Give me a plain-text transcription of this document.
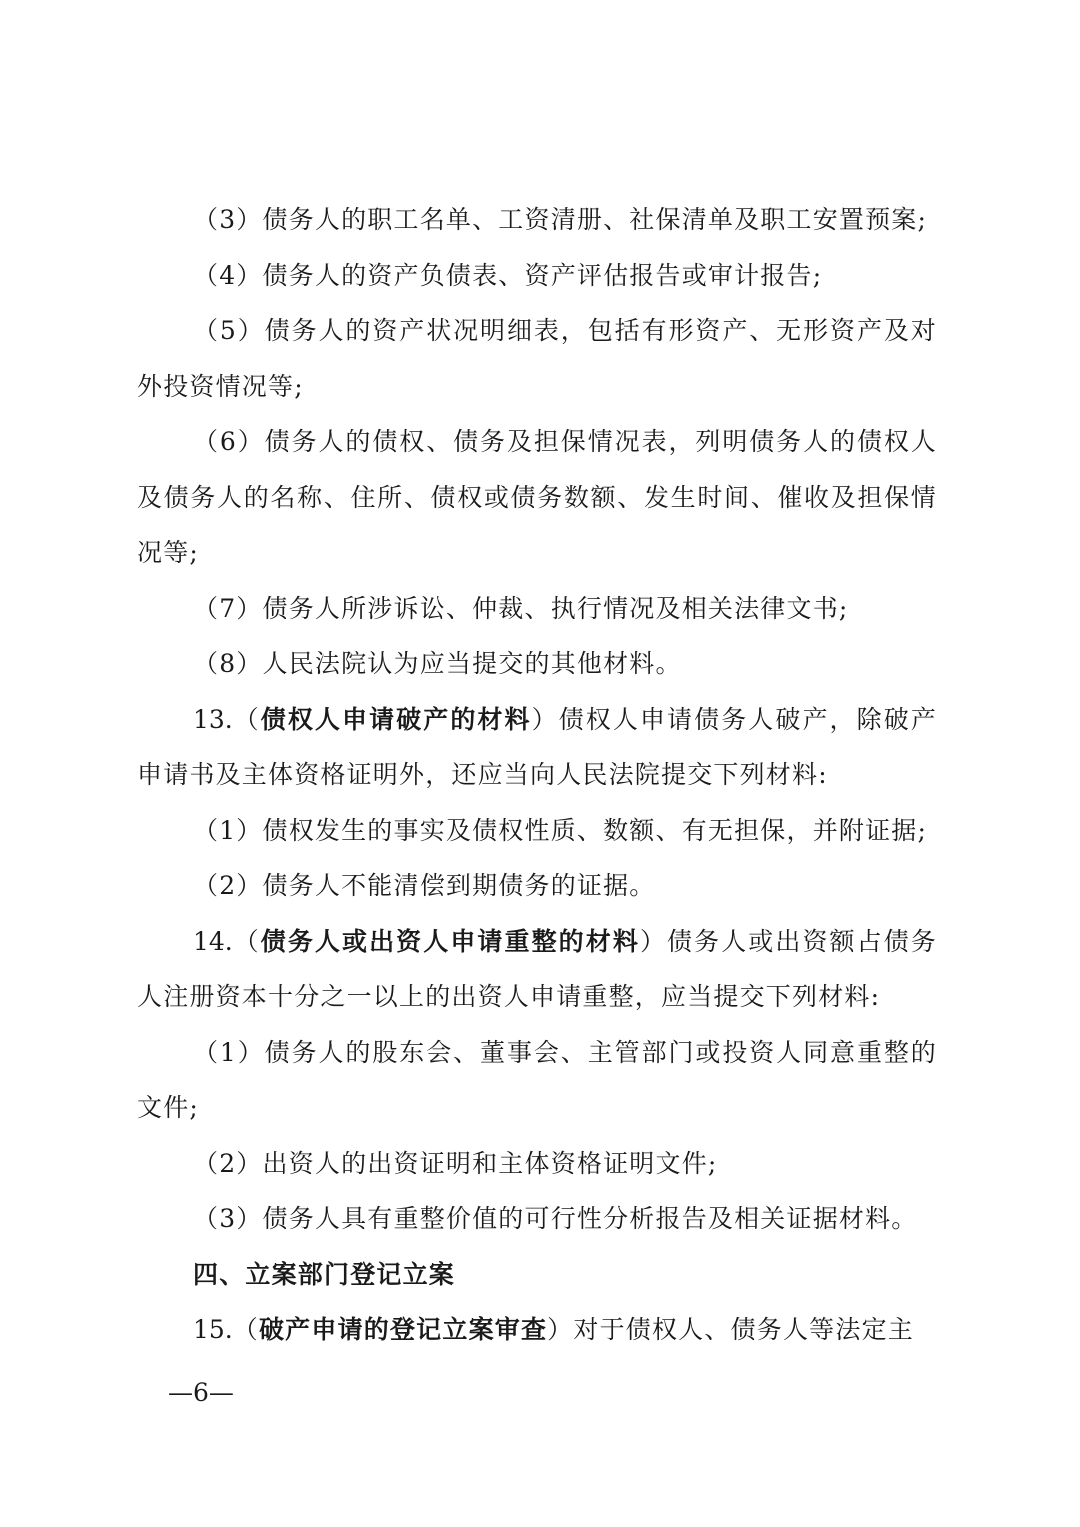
（3）债务人的职工名单、工资清册、社保清单及职工安置预案;

（4）债务人的资产负债表、资产评估报告或审计报告;

（5）债务人的资产状况明细表，包括有形资产、无形资产及对外投资情况等;

（6）债务人的债权、债务及担保情况表，列明债务人的债权人及债务人的名称、住所、债权或债务数额、发生时间、催收及担保情况等;

（7）债务人所涉诉讼、仲裁、执行情况及相关法律文书;

（8）人民法院认为应当提交的其他材料。

13.（债权人申请破产的材料）债权人申请债务人破产，除破产申请书及主体资格证明外，还应当向人民法院提交下列材料:

（1）债权发生的事实及债权性质、数额、有无担保，并附证据;

（2）债务人不能清偿到期债务的证据。

14.（债务人或出资人申请重整的材料）债务人或出资额占债务人注册资本十分之一以上的出资人申请重整，应当提交下列材料:

（1）债务人的股东会、董事会、主管部门或投资人同意重整的文件;

（2）出资人的出资证明和主体资格证明文件;

（3）债务人具有重整价值的可行性分析报告及相关证据材料。

四、立案部门登记立案

15.（破产申请的登记立案审查）对于债权人、债务人等法定主

—6—
